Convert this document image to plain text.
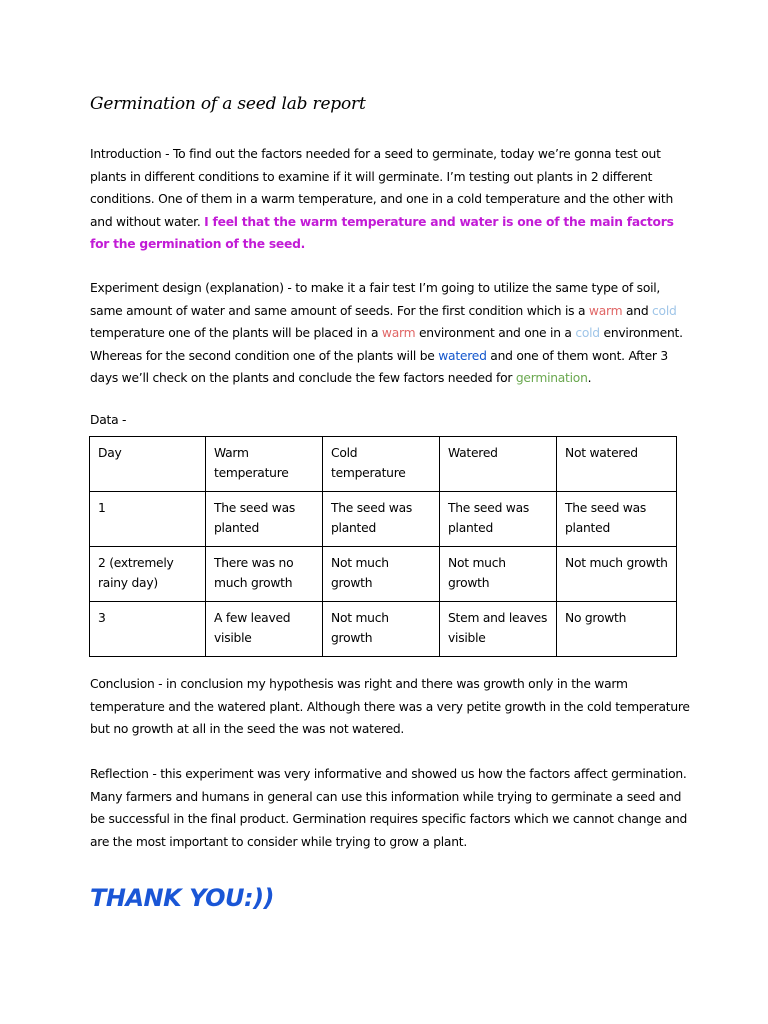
Germination of a seed lab report

Introduction - To find out the factors needed for a seed to germinate, today we’re gonna test out plants in different conditions to examine if it will germinate. I’m testing out plants in 2 different conditions. One of them in a warm temperature, and one in a cold temperature and the other with and without water. I feel that the warm temperature and water is one of the main factors for the germination of the seed.

Experiment design (explanation) - to make it a fair test I’m going to utilize the same type of soil, same amount of water and same amount of seeds. For the first condition which is a warm and cold temperature one of the plants will be placed in a warm environment and one in a cold environment. Whereas for the second condition one of the plants will be watered and one of them wont. After 3 days we’ll check on the plants and conclude the few factors needed for germination.

Data -
Day	Warm temperature	Cold temperature	Watered	Not watered
1	The seed was planted	The seed was planted	The seed was planted	The seed was planted
2 (extremely rainy day)	There was no much growth	Not much growth	Not much growth	Not much growth
3	A few leaved visible	Not much growth	Stem and leaves visible	No growth

Conclusion - in conclusion my hypothesis was right and there was growth only in the warm temperature and the watered plant. Although there was a very petite growth in the cold temperature but no growth at all in the seed the was not watered.

Reflection - this experiment was very informative and showed us how the factors affect germination. Many farmers and humans in general can use this information while trying to germinate a seed and be successful in the final product. Germination requires specific factors which we cannot change and are the most important to consider while trying to grow a plant.

THANK YOU:))
